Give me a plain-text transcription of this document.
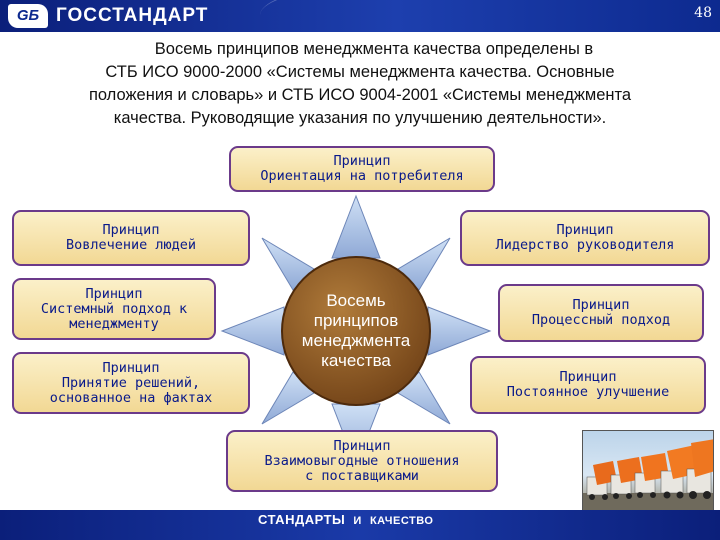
GБ ГОССТАНДАРТ	48

Восемь принципов менеджмента качества определены в

СТБ ИСО 9000-2000 «Системы менеджмента качества. Основные

положения и словарь» и СТБ ИСО 9004-2001 «Системы менеджмента

качества. Руководящие указания по улучшению деятельности».

Восемь
принципов
менеджмента
качества
Принцип
Ориентация на потребителя
Принцип
Вовлечение людей
Принцип
Лидерство руководителя
Принцип
Системный подход к
менеджменту
Принцип
Процессный подход
Принцип
Принятие решений,
основанное на фактах
Принцип
Постоянное улучшение
Принцип
Взаимовыгодные отношения
с поставщиками
СТАНДАРТЫ И КАЧЕСТВО
